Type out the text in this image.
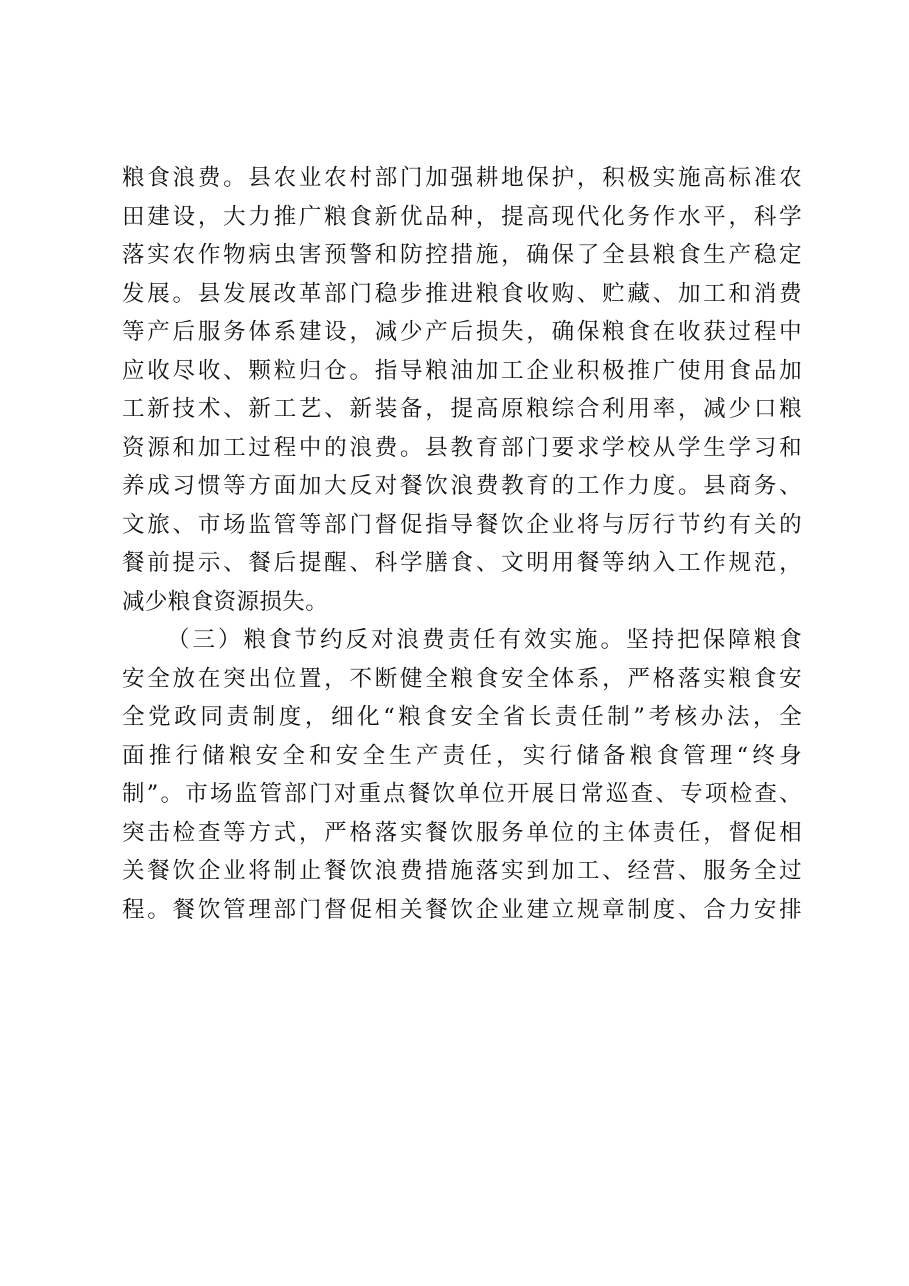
粮食浪费。县农业农村部门加强耕地保护，积极实施高标准农
田建设，大力推广粮食新优品种，提高现代化务作水平，科学
落实农作物病虫害预警和防控措施，确保了全县粮食生产稳定
发展。县发展改革部门稳步推进粮食收购、贮藏、加工和消费
等产后服务体系建设，减少产后损失，确保粮食在收获过程中
应收尽收、颗粒归仓。指导粮油加工企业积极推广使用食品加
工新技术、新工艺、新装备，提高原粮综合利用率，减少口粮
资源和加工过程中的浪费。县教育部门要求学校从学生学习和
养成习惯等方面加大反对餐饮浪费教育的工作力度。县商务、
文旅、市场监管等部门督促指导餐饮企业将与厉行节约有关的
餐前提示、餐后提醒、科学膳食、文明用餐等纳入工作规范，
减少粮食资源损失。
（三）粮食节约反对浪费责任有效实施。坚持把保障粮食
安全放在突出位置，不断健全粮食安全体系，严格落实粮食安
全党政同责制度，细化“粮食安全省长责任制”考核办法，全
面推行储粮安全和安全生产责任，实行储备粮食管理“终身
制”。市场监管部门对重点餐饮单位开展日常巡查、专项检查、
突击检查等方式，严格落实餐饮服务单位的主体责任，督促相
关餐饮企业将制止餐饮浪费措施落实到加工、经营、服务全过
程。餐饮管理部门督促相关餐饮企业建立规章制度、合力安排
